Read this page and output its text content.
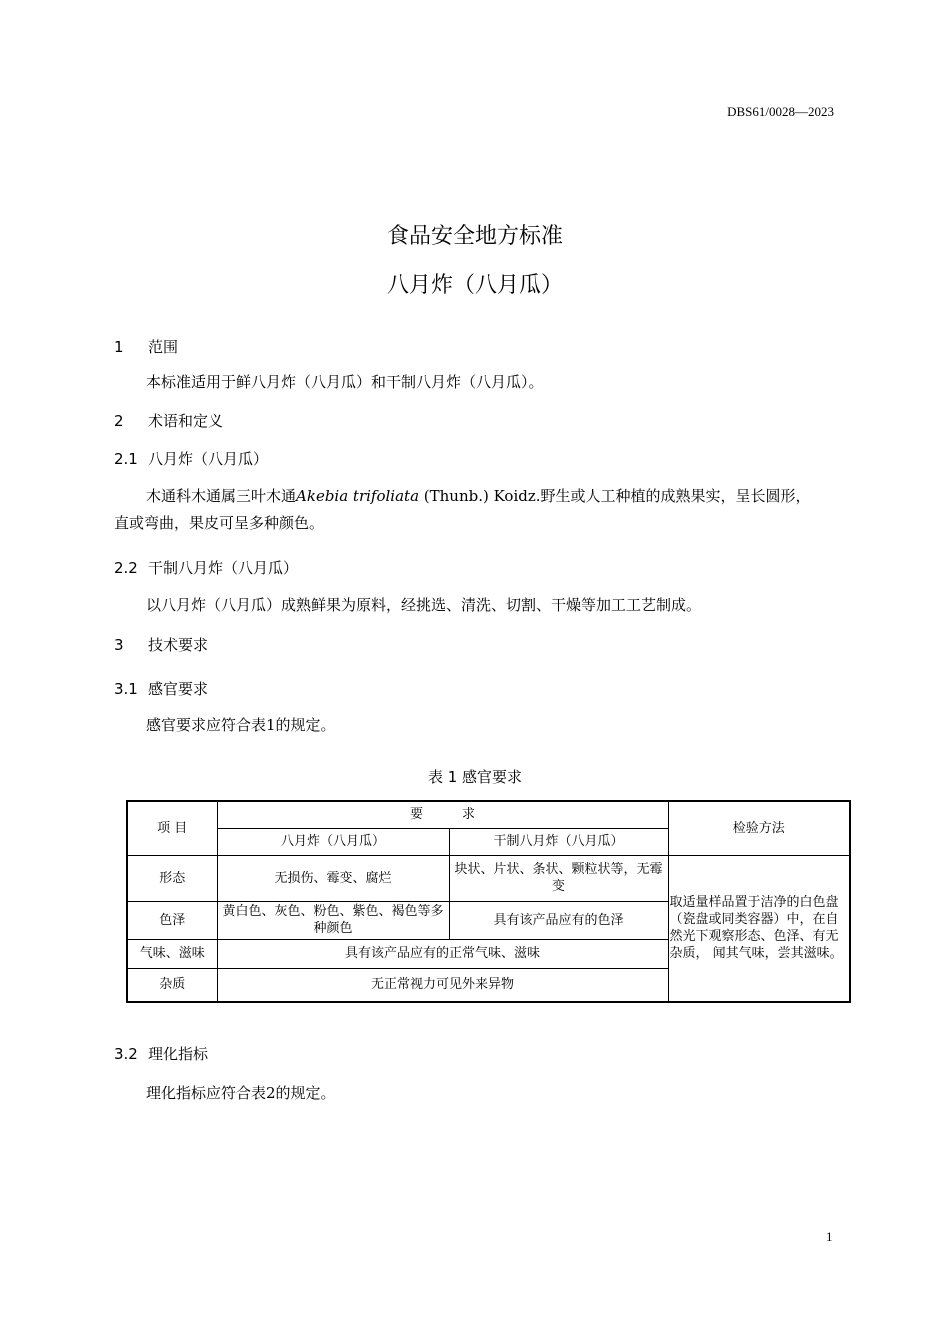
DBS61/0028—2023
食品安全地方标准
八月炸（八月瓜）
1 范围
本标准适用于鲜八月炸（八月瓜）和干制八月炸（八月瓜）。
2 术语和定义
2.1 八月炸（八月瓜）
木通科木通属三叶木通Akebia trifoliata (Thunb.) Koidz.野生或人工种植的成熟果实，呈长圆形，
直或弯曲，果皮可呈多种颜色。
2.2 干制八月炸（八月瓜）
以八月炸（八月瓜）成熟鲜果为原料，经挑选、清洗、切割、干燥等加工工艺制成。
3 技术要求
3.1 感官要求
感官要求应符合表1的规定。
表 1 感官要求
项 目	要　　　求		检验方法
	八月炸（八月瓜）	干制八月炸（八月瓜）	
形态	无损伤、霉变、腐烂	块状、片状、条状、颗粒状等，无霉变	取适量样品置于洁净的白色盘（瓷盘或同类容器）中，在自然光下观察形态、色泽、有无杂质， 闻其气味，尝其滋味。
色泽	黄白色、灰色、粉色、紫色、褐色等多种颜色	具有该产品应有的色泽	
气味、滋味	具有该产品应有的正常气味、滋味		
杂质	无正常视力可见外来异物		
3.2 理化指标
理化指标应符合表2的规定。
1
